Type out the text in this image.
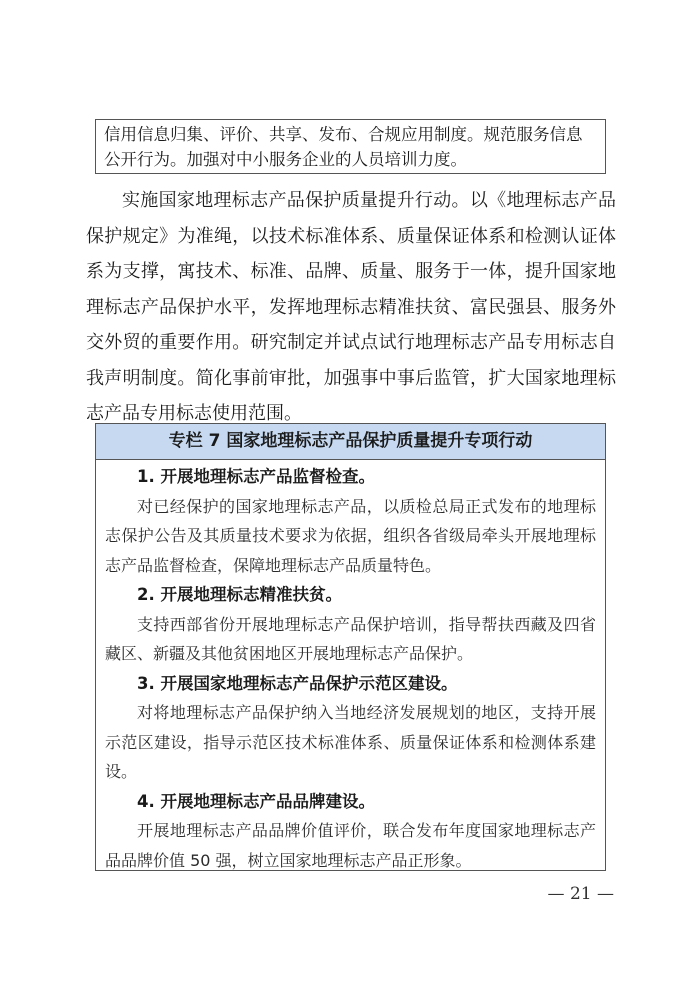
信用信息归集、评价、共享、发布、合规应用制度。规范服务信息公开行为。加强对中小服务企业的人员培训力度。

实施国家地理标志产品保护质量提升行动。以《地理标志产品保护规定》为准绳，以技术标准体系、质量保证体系和检测认证体系为支撑，寓技术、标准、品牌、质量、服务于一体，提升国家地理标志产品保护水平，发挥地理标志精准扶贫、富民强县、服务外交外贸的重要作用。研究制定并试点试行地理标志产品专用标志自我声明制度。简化事前审批，加强事中事后监管，扩大国家地理标志产品专用标志使用范围。

专栏 7 国家地理标志产品保护质量提升专项行动

1. 开展地理标志产品监督检查。

对已经保护的国家地理标志产品，以质检总局正式发布的地理标志保护公告及其质量技术要求为依据，组织各省级局牵头开展地理标志产品监督检查，保障地理标志产品质量特色。

2. 开展地理标志精准扶贫。

支持西部省份开展地理标志产品保护培训，指导帮扶西藏及四省藏区、新疆及其他贫困地区开展地理标志产品保护。

3. 开展国家地理标志产品保护示范区建设。

对将地理标志产品保护纳入当地经济发展规划的地区，支持开展示范区建设，指导示范区技术标准体系、质量保证体系和检测体系建设。

4. 开展地理标志产品品牌建设。

开展地理标志产品品牌价值评价，联合发布年度国家地理标志产品品牌价值 50 强，树立国家地理标志产品正形象。

— 21 —
